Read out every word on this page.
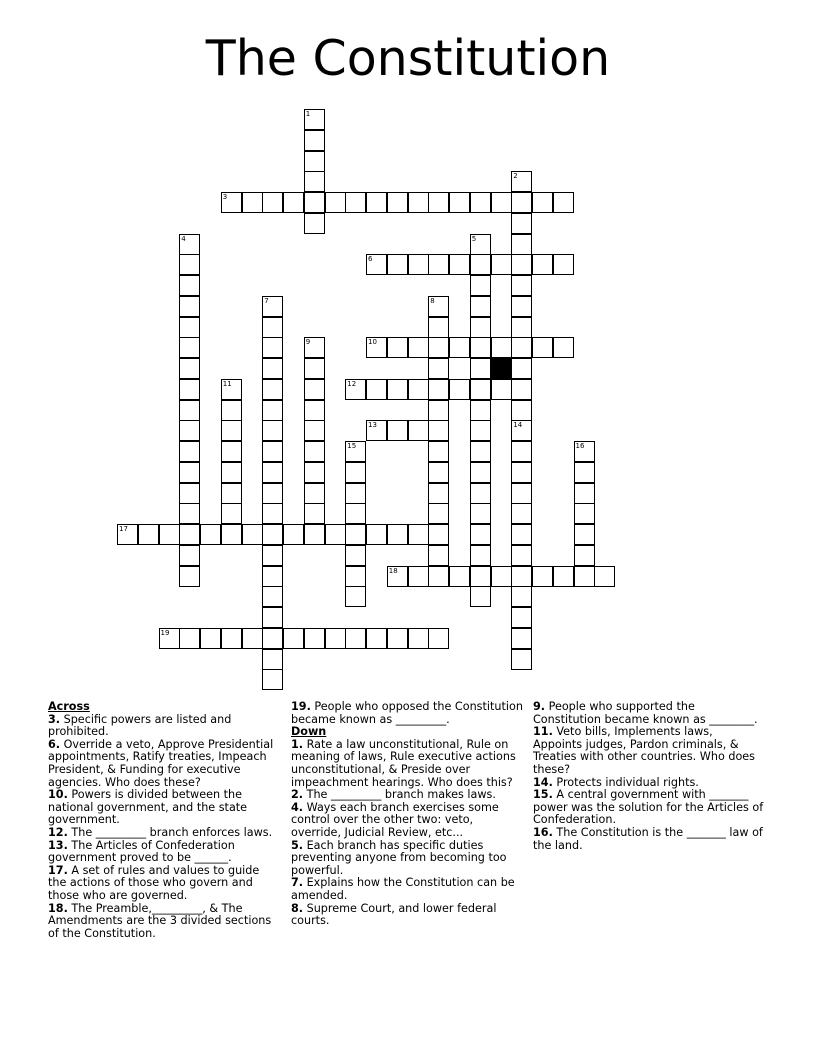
The Constitution
3
6
10
12
13
17
18
19
1
2
14
4	5
7	8
9
11
15	16

Across

3. Specific powers are listed and prohibited.

6. Override a veto, Approve Presidential appointments, Ratify treaties, Impeach President, & Funding for executive agencies. Who does these?

10. Powers is divided between the national government, and the state government.

12. The _________ branch enforces laws.

13. The Articles of Confederation government proved to be ______.

17. A set of rules and values to guide the actions of those who govern and those who are governed.

18. The Preamble,_________, & The Amendments are the 3 divided sections of the Constitution.

19. People who opposed the Constitution became known as _________.

Down

1. Rate a law unconstitutional, Rule on meaning of laws, Rule executive actions unconstitutional, & Preside over impeachment hearings. Who does this?

2. The _________ branch makes laws.

4. Ways each branch exercises some control over the other two: veto, override, Judicial Review, etc...

5. Each branch has specific duties preventing anyone from becoming too powerful.

7. Explains how the Constitution can be amended.

8. Supreme Court, and lower federal courts.

9. People who supported the Constitution became known as ________.

11. Veto bills, Implements laws, Appoints judges, Pardon criminals, & Treaties with other countries. Who does these?

14. Protects individual rights.

15. A central government with _______ power was the solution for the Articles of Confederation.

16. The Constitution is the _______ law of the land.
